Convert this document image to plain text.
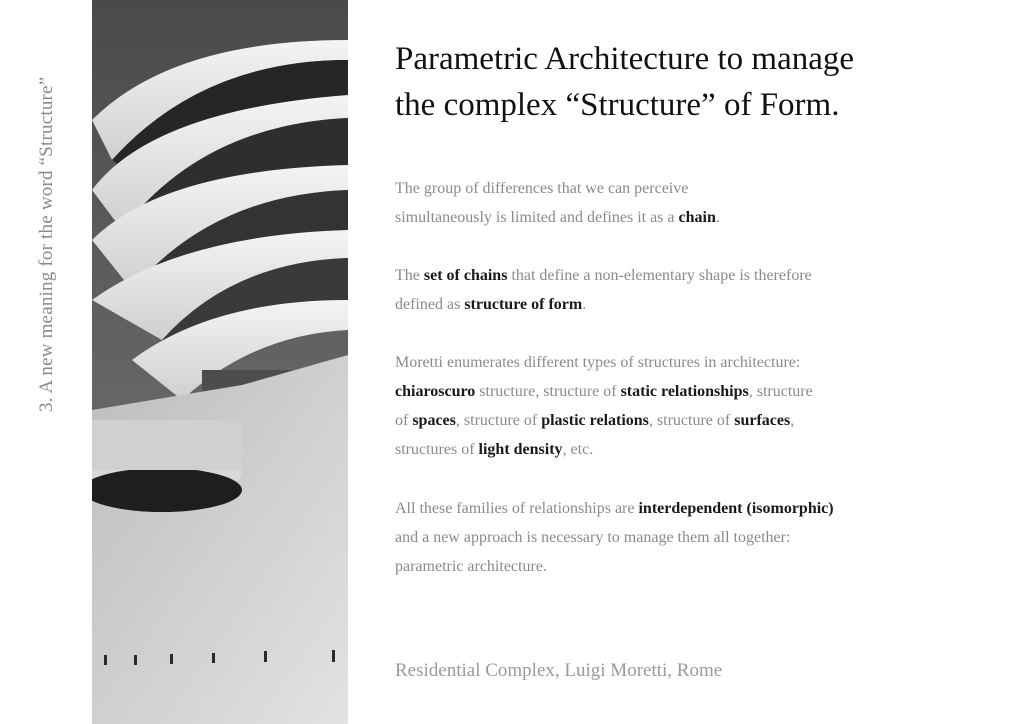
3. A new meaning for the word “Structure”
Parametric Architecture to manage
the complex “Structure” of Form.

The group of differences that we can perceive
simultaneously is limited and defines it as a chain.

The set of chains that define a non-elementary shape is therefore
defined as structure of form.

Moretti enumerates different types of structures in architecture:
chiaroscuro structure, structure of static relationships, structure
of spaces, structure of plastic relations, structure of surfaces,
structures of light density, etc.

All these families of relationships are interdependent (isomorphic)
and a new approach is necessary to manage them all together:
parametric architecture.

Residential Complex, Luigi Moretti, Rome
